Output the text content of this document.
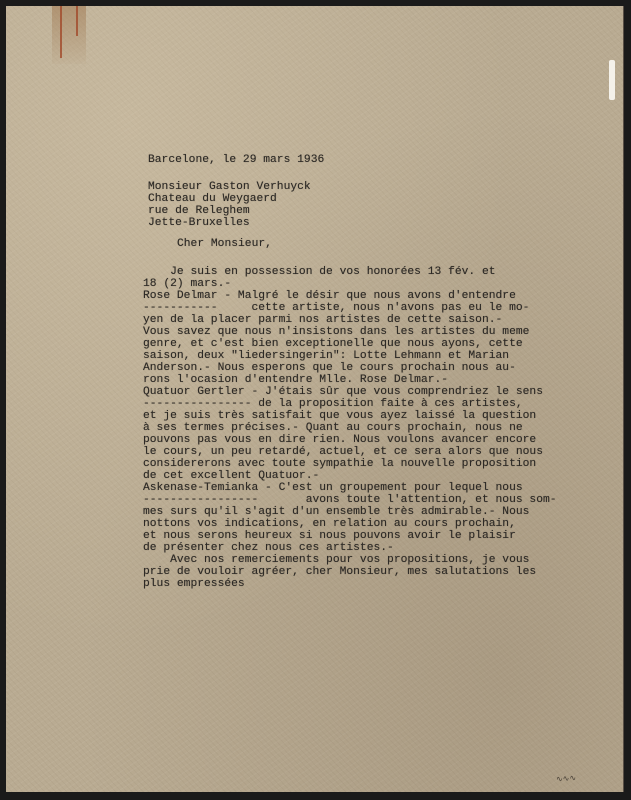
Barcelone, le 29 mars 1936

Monsieur Gaston Verhuyck

Chateau du Weygaerd

rue de Releghem

Jette-Bruxelles

Cher Monsieur,

Je suis en possession de vos honorées 13 fév. et

18 (2) mars.-

Rose Delmar - Malgré le désir que nous avons d'entendre

-----------     cette artiste, nous n'avons pas eu le mo-

yen de la placer parmi nos artistes de cette saison.-

Vous savez que nous n'insistons dans les artistes du meme

genre, et c'est bien exceptionelle que nous ayons, cette

saison, deux "liedersingerin": Lotte Lehmann et Marian

Anderson.- Nous esperons que le cours prochain nous au-

rons l'ocasion d'entendre Mlle. Rose Delmar.-

Quatuor Gertler - J'étais sûr que vous comprendriez le sens

---------------- de la proposition faite à ces artistes,

et je suis très satisfait que vous ayez laissé la question

à ses termes précises.- Quant au cours prochain, nous ne

pouvons pas vous en dire rien. Nous voulons avancer encore

le cours, un peu retardé, actuel, et ce sera alors que nous

considererons avec toute sympathie la nouvelle proposition

de cet excellent Quatuor.-

Askenase-Temianka - C'est un groupement pour lequel nous

-----------------       avons toute l'attention, et nous som-

mes surs qu'il s'agit d'un ensemble très admirable.- Nous

nottons vos indications, en relation au cours prochain,

et nous serons heureux si nous pouvons avoir le plaisir

de présenter chez nous ces artistes.-

Avec nos remerciements pour vos propositions, je vous

prie de vouloir agréer, cher Monsieur, mes salutations les

plus empressées

∿∿∿
